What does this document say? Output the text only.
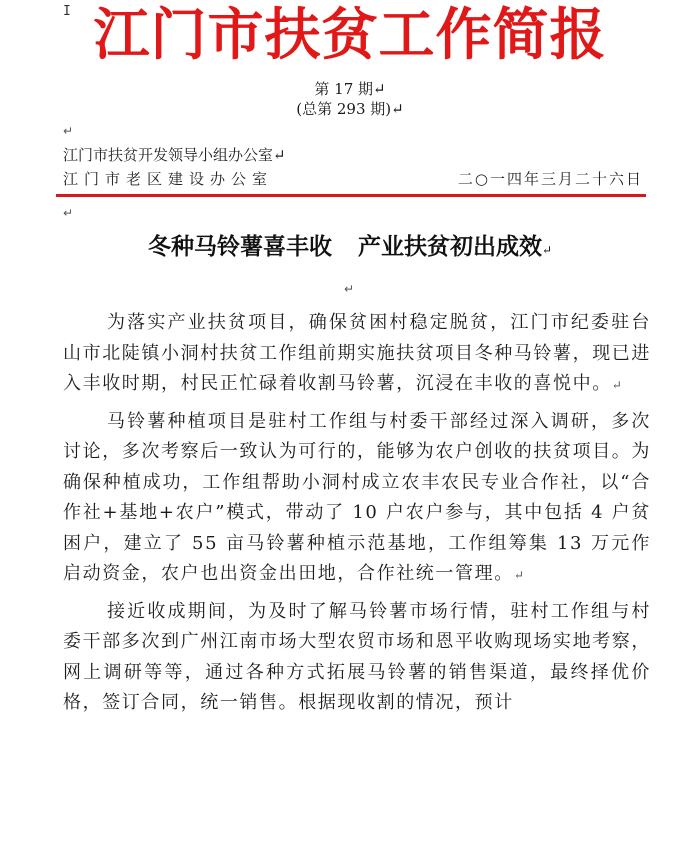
I 江门市扶贫工作简报
第 17 期↵
(总第 293 期)↵
↵
江门市扶贫开发领导小组办公室↵
江门市老区建设办公室	二○一四年三月二十六日
↵
冬种马铃薯喜丰收 产业扶贫初出成效↵
↵

为落实产业扶贫项目，确保贫困村稳定脱贫，江门市纪委驻台山市北陡镇小洞村扶贫工作组前期实施扶贫项目冬种马铃薯，现已进入丰收时期，村民正忙碌着收割马铃薯，沉浸在丰收的喜悦中。↵

马铃薯种植项目是驻村工作组与村委干部经过深入调研，多次讨论，多次考察后一致认为可行的，能够为农户创收的扶贫项目。为确保种植成功，工作组帮助小洞村成立农丰农民专业合作社，以“合作社+基地+农户”模式，带动了 10 户农户参与，其中包括 4 户贫困户，建立了 55 亩马铃薯种植示范基地，工作组筹集 13 万元作启动资金，农户也出资金出田地，合作社统一管理。↵

接近收成期间，为及时了解马铃薯市场行情，驻村工作组与村委干部多次到广州江南市场大型农贸市场和恩平收购现场实地考察，网上调研等等，通过各种方式拓展马铃薯的销售渠道，最终择优价格，签订合同，统一销售。根据现收割的情况，预计
